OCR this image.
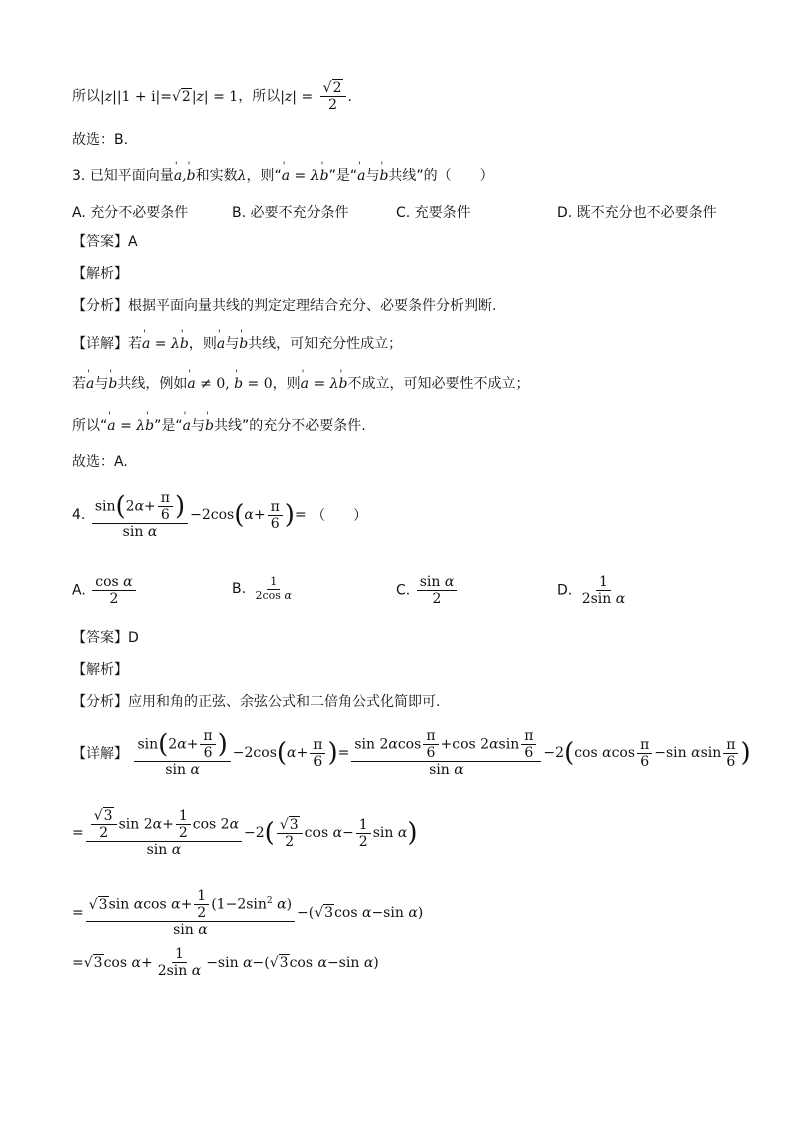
所以|z||1 + i|=√2|z| = 1，所以$|z| = \frac{√2}{2}$ .
故选：B.
3. 已知平面向量' a,' b和实数λ，则“' a = λ' b”是“' a与' b共线”的（　　）
A. 充分不必要条件	B. 必要不充分条件	C. 充要条件	D. 既不充分也不必要条件
【答案】A
【解析】
【分析】根据平面向量共线的判定定理结合充分、必要条件分析判断.
【详解】若' a = λ' b，则' a与' b共线，可知充分性成立；
若' a与' b共线，例如' a ≠ 0, ' b = 0，则' a = λ' b不成立，可知必要性不成立；
所以“' a = λ' b”是“' a与' b共线”的充分不必要条件.
故选：A.
4. $\frac{\sin(2\alpha+ \frac{\pi}{6} )}{\text{sin α}} -2\cos(\alpha+ \frac{\pi}{6}$ )= （　　）
A. $\frac{\text{cos α}}{2}$	B. $\frac{1}{\text{2cos α}}$	C. $\frac{\text{sin α}}{2}$	D. $\frac{1}{\text{2sin α}}$
【答案】D
【解析】
【分析】应用和角的正弦、余弦公式和二倍角公式化简即可.
【详解】 $\frac{\sin(2\alpha+ \frac{\pi}{6} )}{\text{sin α}} -2\cos(\alpha+ \frac{\pi}{6}$ )= $\frac{\sin 2\alpha\cos \frac{\pi}{6} +\cos 2\alpha\sin \frac{\pi}{6}}{\text{sin α}} -2(\cos$ αcos $\frac{\pi}{6} -\sin$ αsin $\frac{\pi}{6}$ )
= $\frac{\frac{√3}{2} \sin 2\alpha+ \frac{1}{2} \cos 2\alpha}{\text{sin α}} -2( \frac{√3}{2}$ $\cos \alpha- \frac{1}{2}$ sin α)
= $\frac{√3\sin \alpha\cos \alpha+ \frac{1}{2} (1-2\sin^2 \alpha)}{\text{sin α}} -(√3\cos$ α−sin α)
=√3cos $\alpha+ \frac{1}{\text{2sin α}} -\sin$ α−(√3cos α−sin α)
